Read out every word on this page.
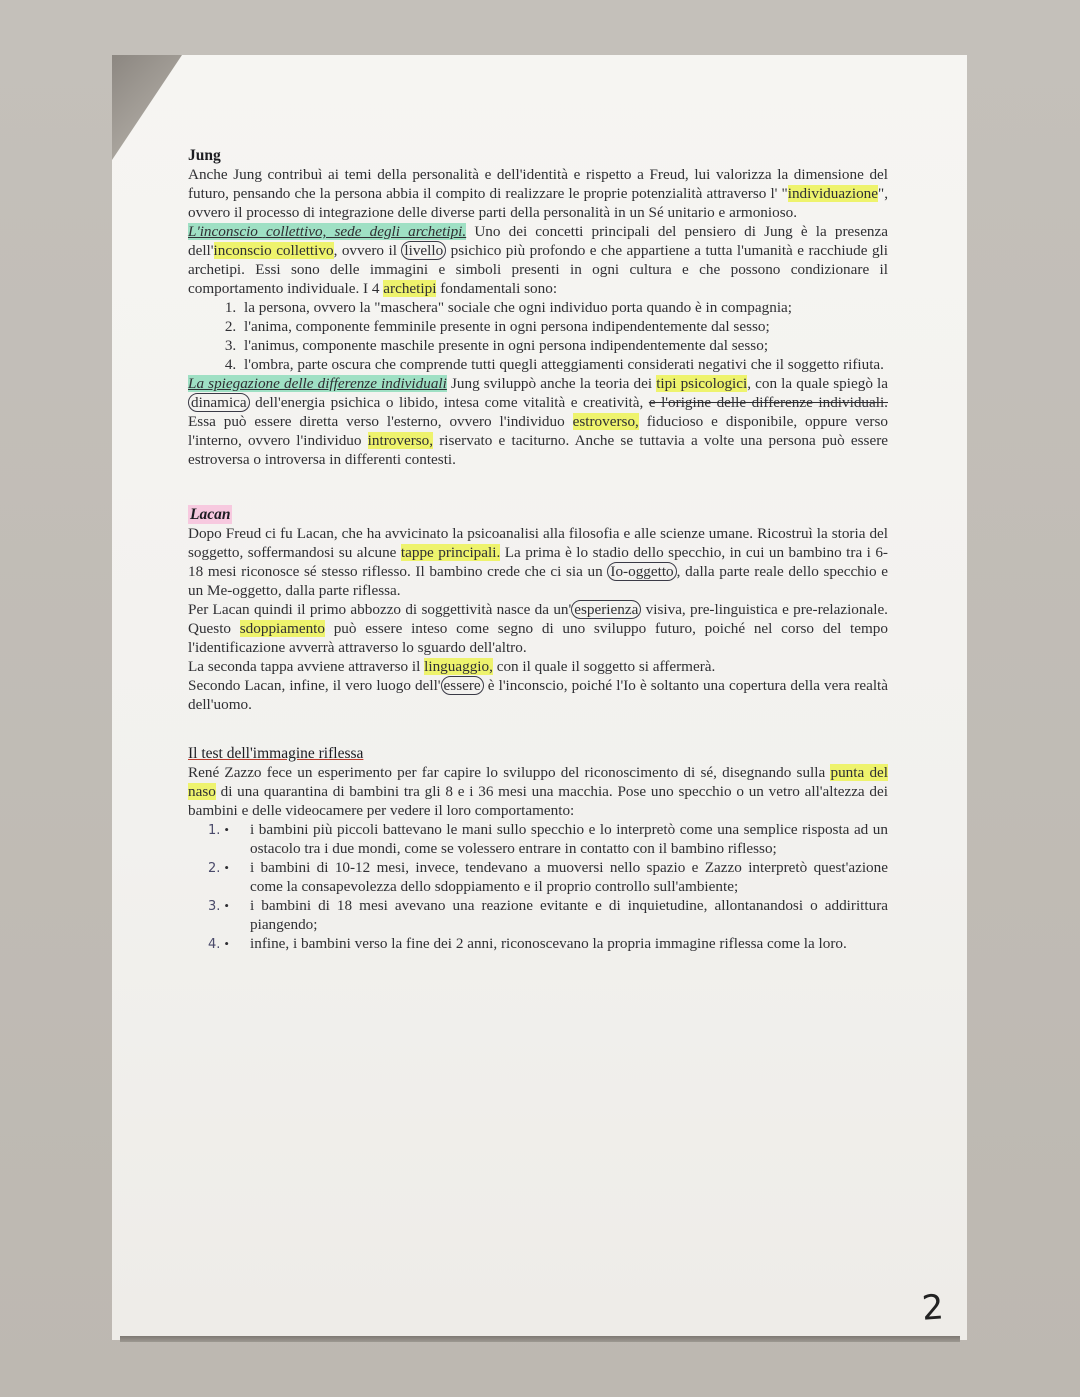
Jung

Anche Jung contribuì ai temi della personalità e dell'identità e rispetto a Freud, lui valorizza la dimensione del futuro, pensando che la persona abbia il compito di realizzare le proprie potenzialità attraverso l' "individuazione", ovvero il processo di integrazione delle diverse parti della personalità in un Sé unitario e armonioso.

L'inconscio collettivo, sede degli archetipi. Uno dei concetti principali del pensiero di Jung è la presenza dell'inconscio collettivo, ovvero il livello psichico più profondo e che appartiene a tutta l'umanità e racchiude gli archetipi. Essi sono delle immagini e simboli presenti in ogni cultura e che possono condizionare il comportamento individuale. I 4 archetipi fondamentali sono:

1. la persona, ovvero la "maschera" sociale che ogni individuo porta quando è in compagnia;
2. l'anima, componente femminile presente in ogni persona indipendentemente dal sesso;
3. l'animus, componente maschile presente in ogni persona indipendentemente dal sesso;
4. l'ombra, parte oscura che comprende tutti quegli atteggiamenti considerati negativi che il soggetto rifiuta.

La spiegazione delle differenze individuali Jung sviluppò anche la teoria dei tipi psicologici, con la quale spiegò la dinamica dell'energia psichica o libido, intesa come vitalità e creatività, e l'origine delle differenze individuali. Essa può essere diretta verso l'esterno, ovvero l'individuo estroverso, fiducioso e disponibile, oppure verso l'interno, ovvero l'individuo introverso, riservato e taciturno. Anche se tuttavia a volte una persona può essere estroversa o introversa in differenti contesti.

Lacan

Dopo Freud ci fu Lacan, che ha avvicinato la psicoanalisi alla filosofia e alle scienze umane. Ricostruì la storia del soggetto, soffermandosi su alcune tappe principali. La prima è lo stadio dello specchio, in cui un bambino tra i 6-18 mesi riconosce sé stesso riflesso. Il bambino crede che ci sia un Io-oggetto , dalla parte reale dello specchio e un Me-oggetto, dalla parte riflessa.

Per Lacan quindi il primo abbozzo di soggettività nasce da un' esperienza visiva, pre-linguistica e pre-relazionale. Questo sdoppiamento può essere inteso come segno di uno sviluppo futuro, poiché nel corso del tempo l'identificazione avverrà attraverso lo sguardo dell'altro.

La seconda tappa avviene attraverso il linguaggio, con il quale il soggetto si affermerà.

Secondo Lacan, infine, il vero luogo dell' essere è l'inconscio, poiché l'Io è soltanto una copertura della vera realtà dell'uomo.

Il test dell'immagine riflessa

René Zazzo fece un esperimento per far capire lo sviluppo del riconoscimento di sé, disegnando sulla punta del naso di una quarantina di bambini tra gli 8 e i 36 mesi una macchia. Pose uno specchio o un vetro all'altezza dei bambini e delle videocamere per vedere il loro comportamento:

1. • i bambini più piccoli battevano le mani sullo specchio e lo interpretò come una semplice risposta ad un ostacolo tra i due mondi, come se volessero entrare in contatto con il bambino riflesso;
2. • i bambini di 10-12 mesi, invece, tendevano a muoversi nello spazio e Zazzo interpretò quest'azione come la consapevolezza dello sdoppiamento e il proprio controllo sull'ambiente;
3. • i bambini di 18 mesi avevano una reazione evitante e di inquietudine, allontanandosi o addirittura piangendo;
4. • infine, i bambini verso la fine dei 2 anni, riconoscevano la propria immagine riflessa come la loro.
2
